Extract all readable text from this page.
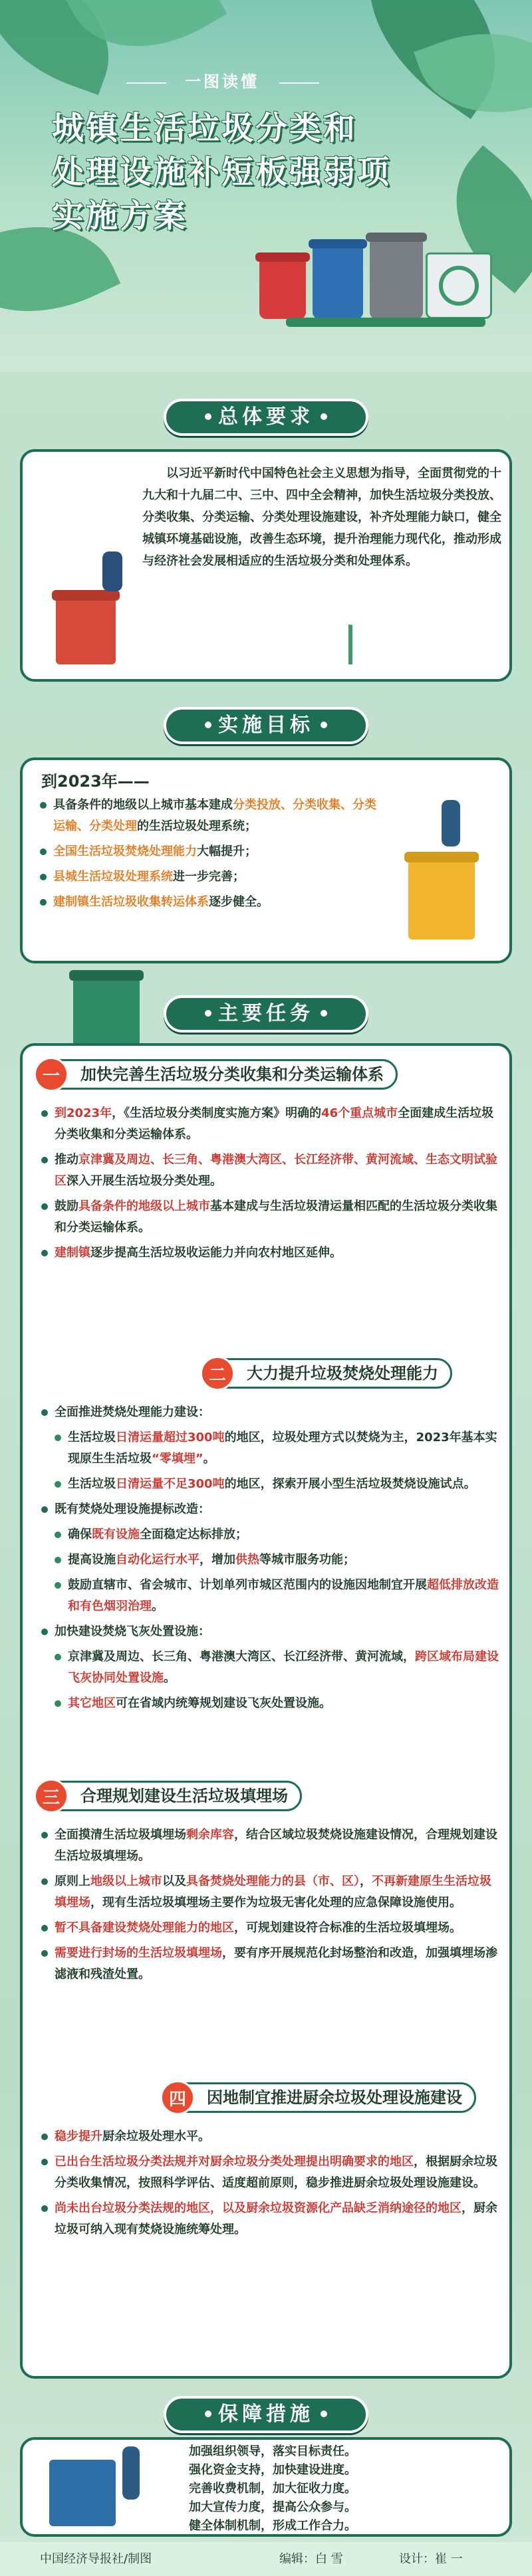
一图读懂
城镇生活垃圾分类和
处理设施补短板强弱项
实施方案
总体要求
以习近平新时代中国特色社会主义思想为指导，全面贯彻党的十九大和十九届二中、三中、四中全会精神，加快生活垃圾分类投放、分类收集、分类运输、分类处理设施建设，补齐处理能力缺口，健全城镇环境基础设施，改善生态环境，提升治理能力现代化，推动形成与经济社会发展相适应的生活垃圾分类和处理体系。
实施目标
到2023年——
具备条件的地级以上城市基本建成分类投放、分类收集、分类运输、分类处理的生活垃圾处理系统；
全国生活垃圾焚烧处理能力大幅提升；
县城生活垃圾处理系统进一步完善；
建制镇生活垃圾收集转运体系逐步健全。
主要任务
一	加快完善生活垃圾分类收集和分类运输体系
到2023年，《生活垃圾分类制度实施方案》明确的46个重点城市全面建成生活垃圾分类收集和分类运输体系。
推动京津冀及周边、长三角、粤港澳大湾区、长江经济带、黄河流域、生态文明试验区深入开展生活垃圾分类处理。
鼓励具备条件的地级以上城市基本建成与生活垃圾清运量相匹配的生活垃圾分类收集和分类运输体系。
建制镇逐步提高生活垃圾收运能力并向农村地区延伸。
二	大力提升垃圾焚烧处理能力
全面推进焚烧处理能力建设：
生活垃圾日清运量超过300吨的地区，垃圾处理方式以焚烧为主，2023年基本实现原生生活垃圾“零填埋”。
生活垃圾日清运量不足300吨的地区，探索开展小型生活垃圾焚烧设施试点。
既有焚烧处理设施提标改造：
确保既有设施全面稳定达标排放；
提高设施自动化运行水平，增加供热等城市服务功能；
鼓励直辖市、省会城市、计划单列市城区范围内的设施因地制宜开展超低排放改造和有色烟羽治理。
加快建设焚烧飞灰处置设施：
京津冀及周边、长三角、粤港澳大湾区、长江经济带、黄河流域，跨区域布局建设飞灰协同处置设施。
其它地区可在省域内统筹规划建设飞灰处置设施。
三	合理规划建设生活垃圾填埋场
全面摸清生活垃圾填埋场剩余库容，结合区域垃圾焚烧设施建设情况，合理规划建设生活垃圾填埋场。
原则上地级以上城市以及具备焚烧处理能力的县（市、区），不再新建原生生活垃圾填埋场，现有生活垃圾填埋场主要作为垃圾无害化处理的应急保障设施使用。
暂不具备建设焚烧处理能力的地区，可规划建设符合标准的生活垃圾填埋场。
需要进行封场的生活垃圾填埋场，要有序开展规范化封场整治和改造，加强填埋场渗滤液和残渣处置。
四	因地制宜推进厨余垃圾处理设施建设
稳步提升厨余垃圾处理水平。
已出台生活垃圾分类法规并对厨余垃圾分类处理提出明确要求的地区，根据厨余垃圾分类收集情况，按照科学评估、适度超前原则，稳步推进厨余垃圾处理设施建设。
尚未出台垃圾分类法规的地区，以及厨余垃圾资源化产品缺乏消纳途径的地区，厨余垃圾可纳入现有焚烧设施统筹处理。
保障措施
加强组织领导，落实目标责任。
强化资金支持，加快建设进度。
完善收费机制，加大征收力度。
加大宣传力度，提高公众参与。
健全体制机制，形成工作合力。
中国经济导报社/制图	编辑：白 雪	设计：崔 一
